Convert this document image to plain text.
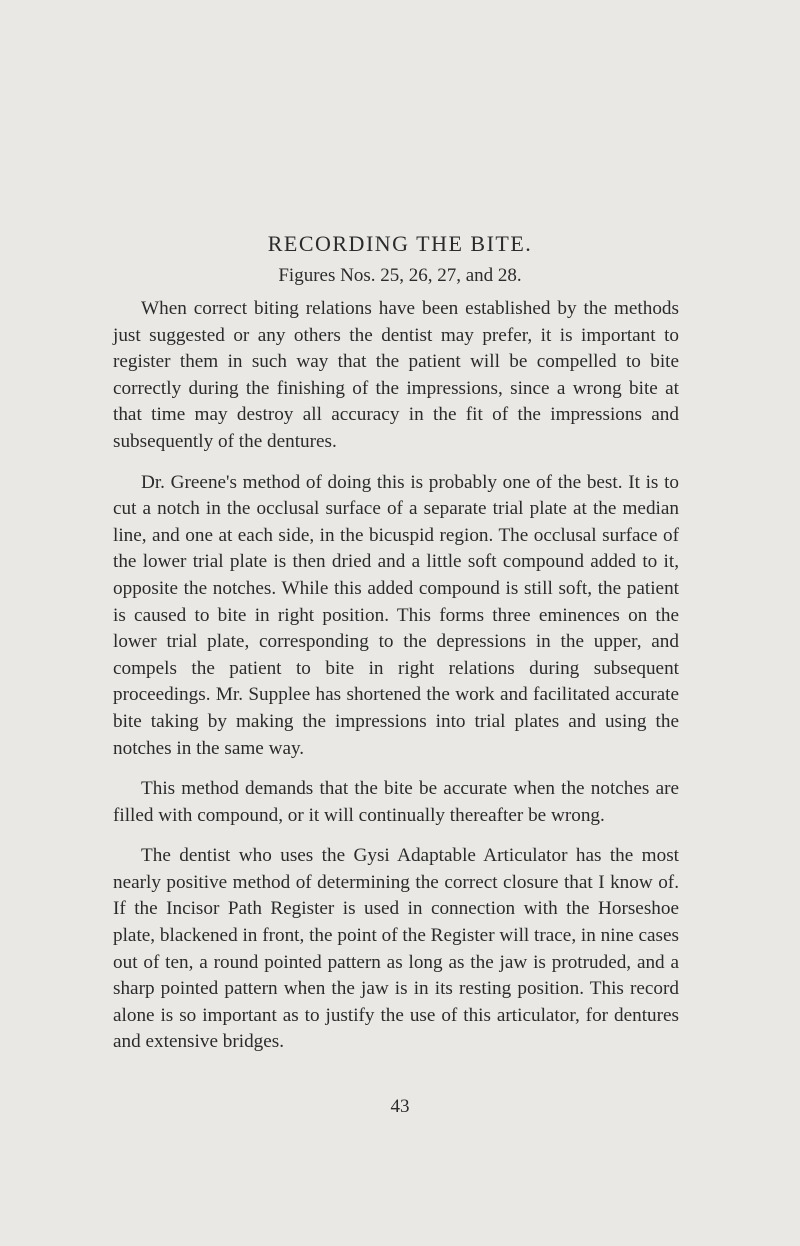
RECORDING THE BITE.
Figures Nos. 25, 26, 27, and 28.

When correct biting relations have been established by the methods just suggested or any others the dentist may prefer, it is important to register them in such way that the patient will be compelled to bite correctly during the finishing of the impressions, since a wrong bite at that time may destroy all accuracy in the fit of the impressions and subsequently of the dentures.

Dr. Greene's method of doing this is probably one of the best. It is to cut a notch in the occlusal surface of a separate trial plate at the median line, and one at each side, in the bicuspid region. The occlusal surface of the lower trial plate is then dried and a little soft compound added to it, opposite the notches. While this added compound is still soft, the patient is caused to bite in right position. This forms three eminences on the lower trial plate, corresponding to the depressions in the upper, and compels the patient to bite in right relations during subsequent proceedings. Mr. Supplee has shortened the work and facilitated accurate bite taking by making the impressions into trial plates and using the notches in the same way.

This method demands that the bite be accurate when the notches are filled with compound, or it will continually thereafter be wrong.

The dentist who uses the Gysi Adaptable Articulator has the most nearly positive method of determining the correct closure that I know of. If the Incisor Path Register is used in connection with the Horseshoe plate, blackened in front, the point of the Register will trace, in nine cases out of ten, a round pointed pattern as long as the jaw is protruded, and a sharp pointed pattern when the jaw is in its resting position. This record alone is so important as to justify the use of this articulator, for dentures and extensive bridges.

43
